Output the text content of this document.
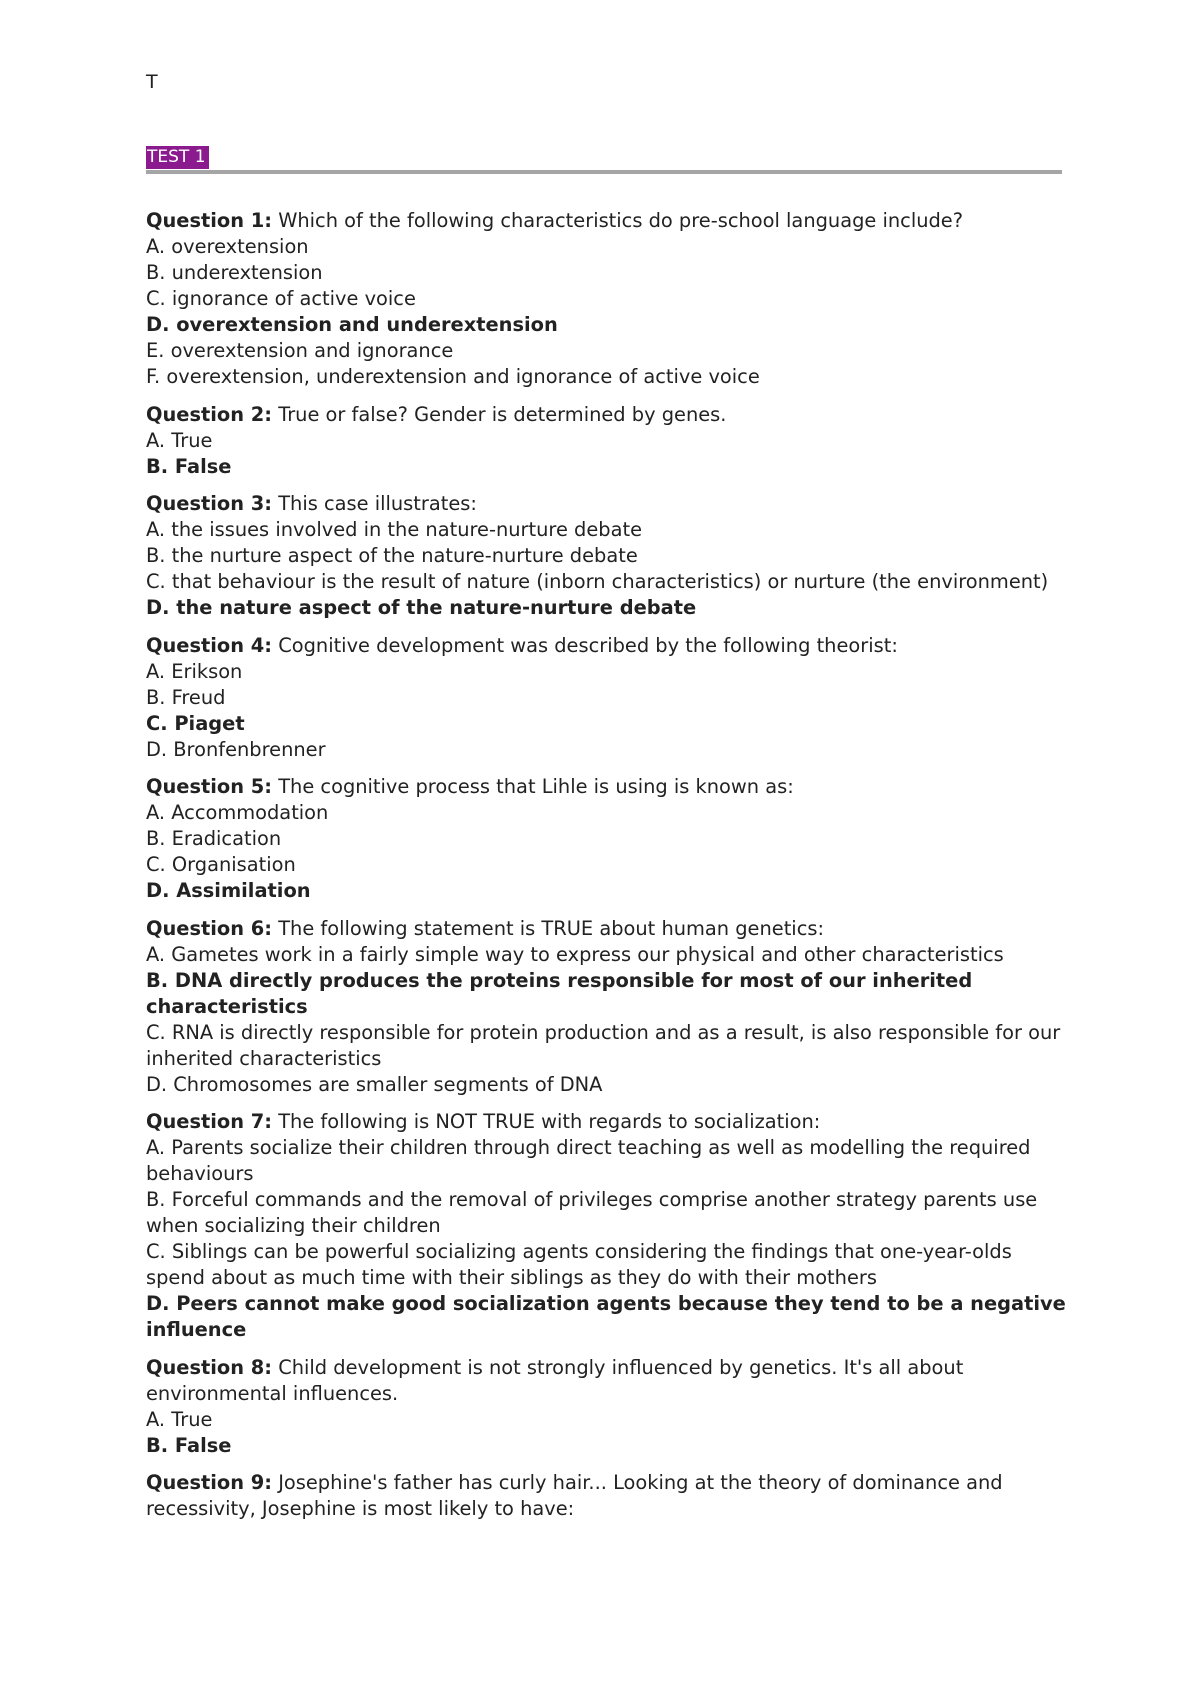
T
TEST 1
Question 1: Which of the following characteristics do pre-school language include?
A. overextension
B. underextension
C. ignorance of active voice
D. overextension and underextension
E. overextension and ignorance
F. overextension, underextension and ignorance of active voice
Question 2: True or false? Gender is determined by genes.
A. True
B. False
Question 3: This case illustrates:
A. the issues involved in the nature-nurture debate
B. the nurture aspect of the nature-nurture debate
C. that behaviour is the result of nature (inborn characteristics) or nurture (the environment)
D. the nature aspect of the nature-nurture debate
Question 4: Cognitive development was described by the following theorist:
A. Erikson
B. Freud
C. Piaget
D. Bronfenbrenner
Question 5: The cognitive process that Lihle is using is known as:
A. Accommodation
B. Eradication
C. Organisation
D. Assimilation
Question 6: The following statement is TRUE about human genetics:
A. Gametes work in a fairly simple way to express our physical and other characteristics
B. DNA directly produces the proteins responsible for most of our inherited characteristics
C. RNA is directly responsible for protein production and as a result, is also responsible for our inherited characteristics
D. Chromosomes are smaller segments of DNA
Question 7: The following is NOT TRUE with regards to socialization:
A. Parents socialize their children through direct teaching as well as modelling the required behaviours
B. Forceful commands and the removal of privileges comprise another strategy parents use when socializing their children
C. Siblings can be powerful socializing agents considering the findings that one-year-olds spend about as much time with their siblings as they do with their mothers
D. Peers cannot make good socialization agents because they tend to be a negative influence
Question 8: Child development is not strongly influenced by genetics. It's all about environmental influences.
A. True
B. False
Question 9: Josephine's father has curly hair... Looking at the theory of dominance and recessivity, Josephine is most likely to have:
